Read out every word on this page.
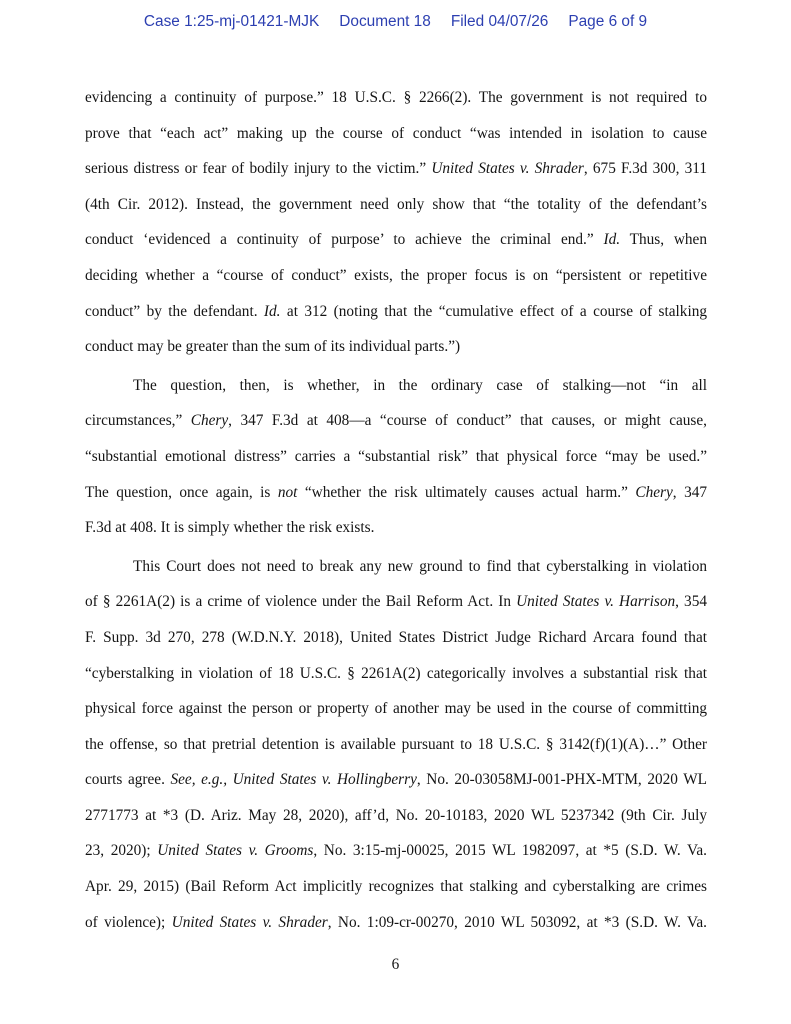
Case 1:25-mj-01421-MJK Document 18 Filed 04/07/26 Page 6 of 9
evidencing a continuity of purpose.” 18 U.S.C. § 2266(2). The government is not required to
prove that “each act” making up the course of conduct “was intended in isolation to cause
serious distress or fear of bodily injury to the victim.” United States v. Shrader, 675 F.3d 300, 311
(4th Cir. 2012). Instead, the government need only show that “the totality of the defendant’s
conduct ‘evidenced a continuity of purpose’ to achieve the criminal end.” Id. Thus, when
deciding whether a “course of conduct” exists, the proper focus is on “persistent or repetitive
conduct” by the defendant. Id. at 312 (noting that the “cumulative effect of a course of stalking
conduct may be greater than the sum of its individual parts.”)
The question, then, is whether, in the ordinary case of stalking—not “in all
circumstances,” Chery, 347 F.3d at 408—a “course of conduct” that causes, or might cause,
“substantial emotional distress” carries a “substantial risk” that physical force “may be used.”
The question, once again, is not “whether the risk ultimately causes actual harm.” Chery, 347
F.3d at 408. It is simply whether the risk exists.
This Court does not need to break any new ground to find that cyberstalking in violation
of § 2261A(2) is a crime of violence under the Bail Reform Act. In United States v. Harrison, 354
F. Supp. 3d 270, 278 (W.D.N.Y. 2018), United States District Judge Richard Arcara found that
“cyberstalking in violation of 18 U.S.C. § 2261A(2) categorically involves a substantial risk that
physical force against the person or property of another may be used in the course of committing
the offense, so that pretrial detention is available pursuant to 18 U.S.C. § 3142(f)(1)(A)…” Other
courts agree. See, e.g., United States v. Hollingberry, No. 20-03058MJ-001-PHX-MTM, 2020 WL
2771773 at *3 (D. Ariz. May 28, 2020), aff’d, No. 20-10183, 2020 WL 5237342 (9th Cir. July
23, 2020); United States v. Grooms, No. 3:15-mj-00025, 2015 WL 1982097, at *5 (S.D. W. Va.
Apr. 29, 2015) (Bail Reform Act implicitly recognizes that stalking and cyberstalking are crimes
of violence); United States v. Shrader, No. 1:09-cr-00270, 2010 WL 503092, at *3 (S.D. W. Va.
6
